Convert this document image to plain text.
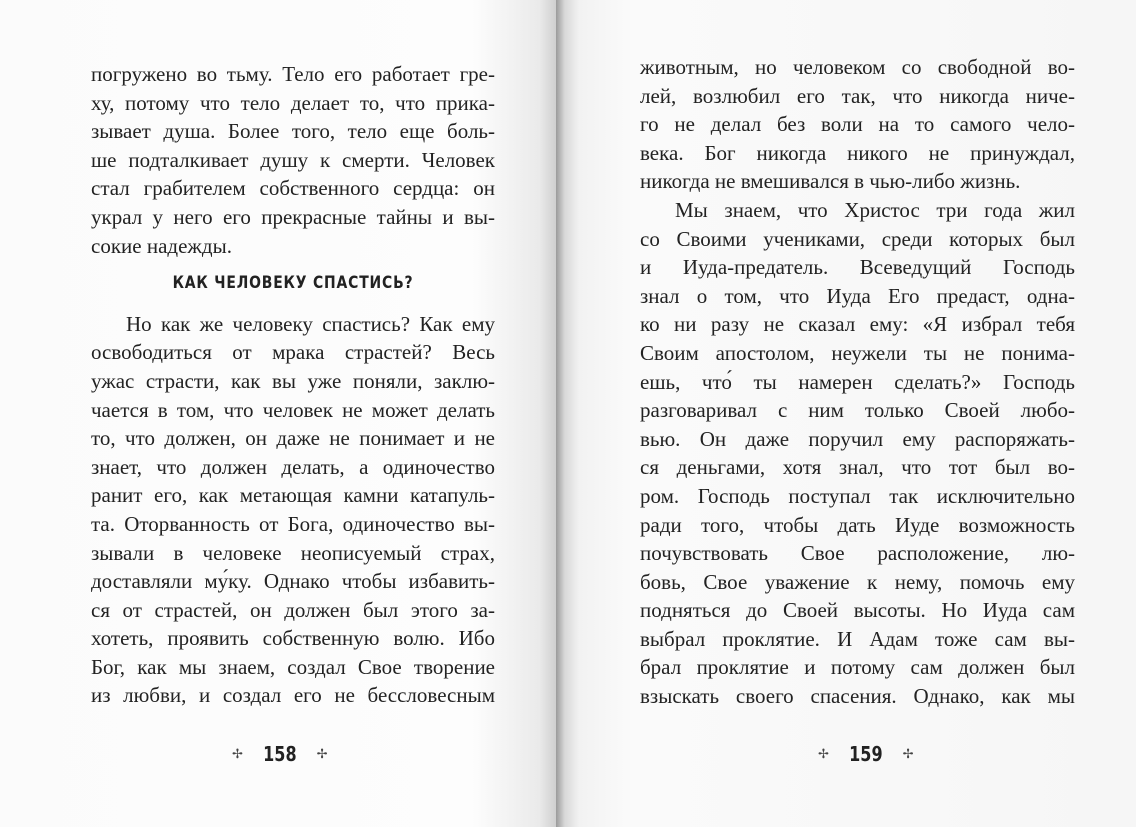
погружено во тьму. Тело его работает гре-
ху, потому что тело делает то, что прика-
зывает душа. Более того, тело еще боль-
ше подталкивает душу к смерти. Человек
стал грабителем собственного сердца: он
украл у него его прекрасные тайны и вы-
сокие надежды.
КАК ЧЕЛОВЕКУ СПАСТИСЬ?
Но как же человеку спастись? Как ему
освободиться от мрака страстей? Весь
ужас страсти, как вы уже поняли, заклю-
чается в том, что человек не может делать
то, что должен, он даже не понимает и не
знает, что должен делать, а одиночество
ранит его, как метающая камни катапуль-
та. Оторванность от Бога, одиночество вы-
зывали в человеке неописуемый страх,
доставляли му́ку. Однако чтобы избавить-
ся от страстей, он должен был этого за-
хотеть, проявить собственную волю. Ибо
Бог, как мы знаем, создал Свое творение
из любви, и создал его не бессловесным
✢ 158 ✢
животным, но человеком со свободной во-
лей, возлюбил его так, что никогда ниче-
го не делал без воли на то самого чело-
века. Бог никогда никого не принуждал,
никогда не вмешивался в чью-либо жизнь.
Мы знаем, что Христос три года жил
со Своими учениками, среди которых был
и Иуда-предатель. Всеведущий Господь
знал о том, что Иуда Его предаст, одна-
ко ни разу не сказал ему: «Я избрал тебя
Своим апостолом, неужели ты не понима-
ешь, что́ ты намерен сделать?» Господь
разговаривал с ним только Своей любо-
вью. Он даже поручил ему распоряжать-
ся деньгами, хотя знал, что тот был во-
ром. Господь поступал так исключительно
ради того, чтобы дать Иуде возможность
почувствовать Свое расположение, лю-
бовь, Свое уважение к нему, помочь ему
подняться до Своей высоты. Но Иуда сам
выбрал проклятие. И Адам тоже сам вы-
брал проклятие и потому сам должен был
взыскать своего спасения. Однако, как мы
✢ 159 ✢
